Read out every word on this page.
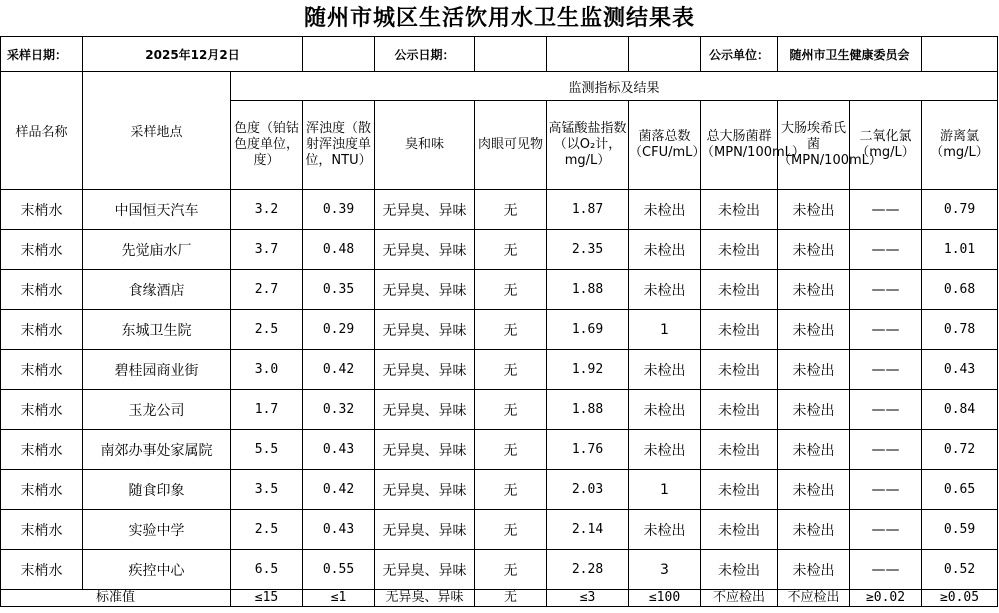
随州市城区生活饮用水卫生监测结果表
采样日期：	2025年12月2日			公示日期：				公示单位：	随州市卫生健康委员会		
样品名称	采样地点	监测指标及结果									
		色度（铂钴色度单位，度）	浑浊度（散射浑浊度单位，NTU）	臭和味	肉眼可见物	高锰酸盐指数（以O₂计，mg/L）	菌落总数（CFU/mL）	总大肠菌群（MPN/100mL）	大肠埃希氏菌（MPN/100mL）	二氧化氯（mg/L）	游离氯（mg/L）
末梢水	中国恒天汽车	3.2	0.39	无异臭、异味	无	1.87	未检出	未检出	未检出	——	0.79
末梢水	先觉庙水厂	3.7	0.48	无异臭、异味	无	2.35	未检出	未检出	未检出	——	1.01
末梢水	食缘酒店	2.7	0.35	无异臭、异味	无	1.88	未检出	未检出	未检出	——	0.68
末梢水	东城卫生院	2.5	0.29	无异臭、异味	无	1.69	1	未检出	未检出	——	0.78
末梢水	碧桂园商业街	3.0	0.42	无异臭、异味	无	1.92	未检出	未检出	未检出	——	0.43
末梢水	玉龙公司	1.7	0.32	无异臭、异味	无	1.88	未检出	未检出	未检出	——	0.84
末梢水	南郊办事处家属院	5.5	0.43	无异臭、异味	无	1.76	未检出	未检出	未检出	——	0.72
末梢水	随食印象	3.5	0.42	无异臭、异味	无	2.03	1	未检出	未检出	——	0.65
末梢水	实验中学	2.5	0.43	无异臭、异味	无	2.14	未检出	未检出	未检出	——	0.59
末梢水	疾控中心	6.5	0.55	无异臭、异味	无	2.28	3	未检出	未检出	——	0.52
标准值		≤15	≤1	无异臭、异味	无	≤3	≤100	不应检出	不应检出	≥0.02	≥0.05
